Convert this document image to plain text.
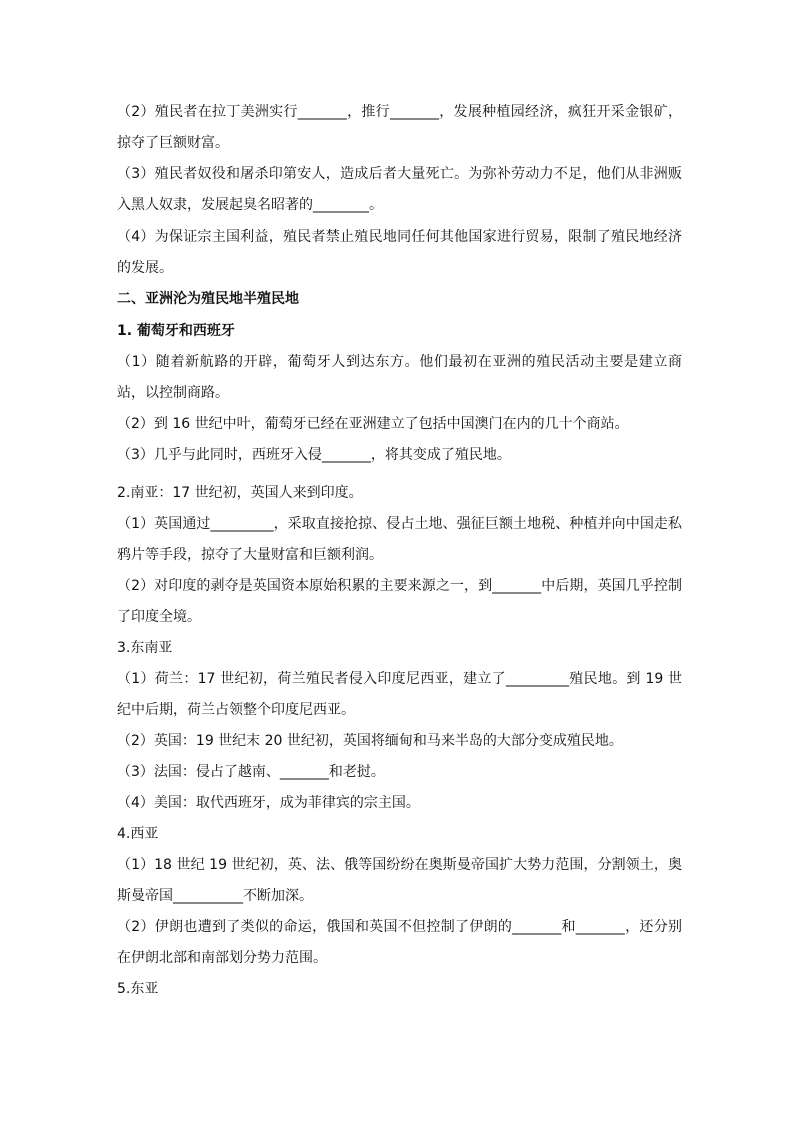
（2）殖民者在拉丁美洲实行_______，推行_______，发展种植园经济，疯狂开采金银矿，掠夺了巨额财富。

（3）殖民者奴役和屠杀印第安人，造成后者大量死亡。为弥补劳动力不足，他们从非洲贩入黑人奴隶，发展起臭名昭著的________。

（4）为保证宗主国利益，殖民者禁止殖民地同任何其他国家进行贸易，限制了殖民地经济的发展。

二、亚洲沦为殖民地半殖民地

1. 葡萄牙和西班牙

（1）随着新航路的开辟，葡萄牙人到达东方。他们最初在亚洲的殖民活动主要是建立商站，以控制商路。

（2）到 16 世纪中叶，葡萄牙已经在亚洲建立了包括中国澳门在内的几十个商站。

（3）几乎与此同时，西班牙入侵_______，将其变成了殖民地。

2.南亚：17 世纪初，英国人来到印度。

（1）英国通过_________，采取直接抢掠、侵占土地、强征巨额土地税、种植并向中国走私鸦片等手段，掠夺了大量财富和巨额利润。

（2）对印度的剥夺是英国资本原始积累的主要来源之一，到_______中后期，英国几乎控制了印度全境。

3.东南亚

（1）荷兰：17 世纪初，荷兰殖民者侵入印度尼西亚，建立了_________殖民地。到 19 世纪中后期，荷兰占领整个印度尼西亚。

（2）英国：19 世纪末 20 世纪初，英国将缅甸和马来半岛的大部分变成殖民地。

（3）法国：侵占了越南、_______和老挝。

（4）美国：取代西班牙，成为菲律宾的宗主国。

4.西亚

（1）18 世纪 19 世纪初，英、法、俄等国纷纷在奥斯曼帝国扩大势力范围，分割领土，奥斯曼帝国__________不断加深。

（2）伊朗也遭到了类似的命运，俄国和英国不但控制了伊朗的_______和_______，还分别在伊朗北部和南部划分势力范围。

5.东亚
